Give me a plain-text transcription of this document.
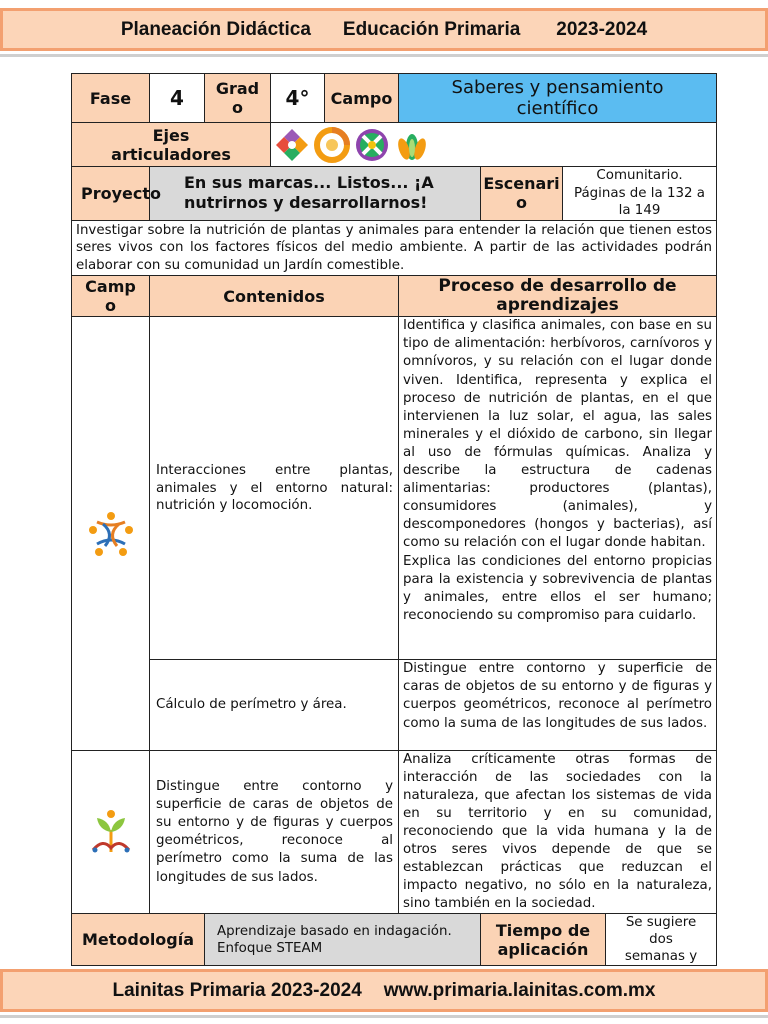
Planeación Didáctica Educación Primaria 2023-2024
Fase	4	Grado	4°	Campo	Saberes y pensamiento científico			

Ejes articuladores

Proyecto	En sus marcas... Listos... ¡A nutrirnos y desarrollarnos!					Escenario	Comunitario. Páginas de la 132 a la 149	

Investigar sobre la nutrición de plantas y animales para entender la relación que tienen estos seres vivos con los factores físicos del medio ambiente. A partir de las actividades podrán elaborar con su comunidad un Jardín comestible.								

Campo	Contenidos				Proceso de desarrollo de aprendizajes			

	Interacciones entre plantas, animales y el entorno natural: nutrición y locomoción.				Identifica y clasifica animales, con base en su tipo de alimentación: herbívoros, carnívoros y omnívoros, y su relación con el lugar donde viven. Identifica, representa y explica el proceso de nutrición de plantas, en el que intervienen la luz solar, el agua, las sales minerales y el dióxido de carbono, sin llegar al uso de fórmulas químicas. Analiza y describe la estructura de cadenas alimentarias: productores (plantas), consumidores (animales), y descomponedores (hongos y bacterias), así como su relación con el lugar donde habitan.
Explica las condiciones del entorno propicias para la existencia y sobrevivencia de plantas y animales, entre ellos el ser humano; reconociendo su compromiso para cuidarlo.			

	Cálculo de perímetro y área.				Distingue entre contorno y superficie de caras de objetos de su entorno y de figuras y cuerpos geométricos, reconoce al perímetro como la suma de las longitudes de sus lados.			

	Distingue entre contorno y superficie de caras de objetos de su entorno y de figuras y cuerpos geométricos, reconoce al perímetro como la suma de las longitudes de sus lados.				Analiza críticamente otras formas de interacción de las sociedades con la naturaleza, que afectan los sistemas de vida en su territorio y en su comunidad, reconociendo que la vida humana y la de otros seres vivos depende de que se establezcan prácticas que reduzcan el impacto negativo, no sólo en la naturaleza, sino también en la sociedad.			

Metodología		Aprendizaje basado en indagación. Enfoque STEAM				Tiempo de aplicación		Se sugiere dos semanas y
Lainitas Primaria 2023-2024 www.primaria.lainitas.com.mx
